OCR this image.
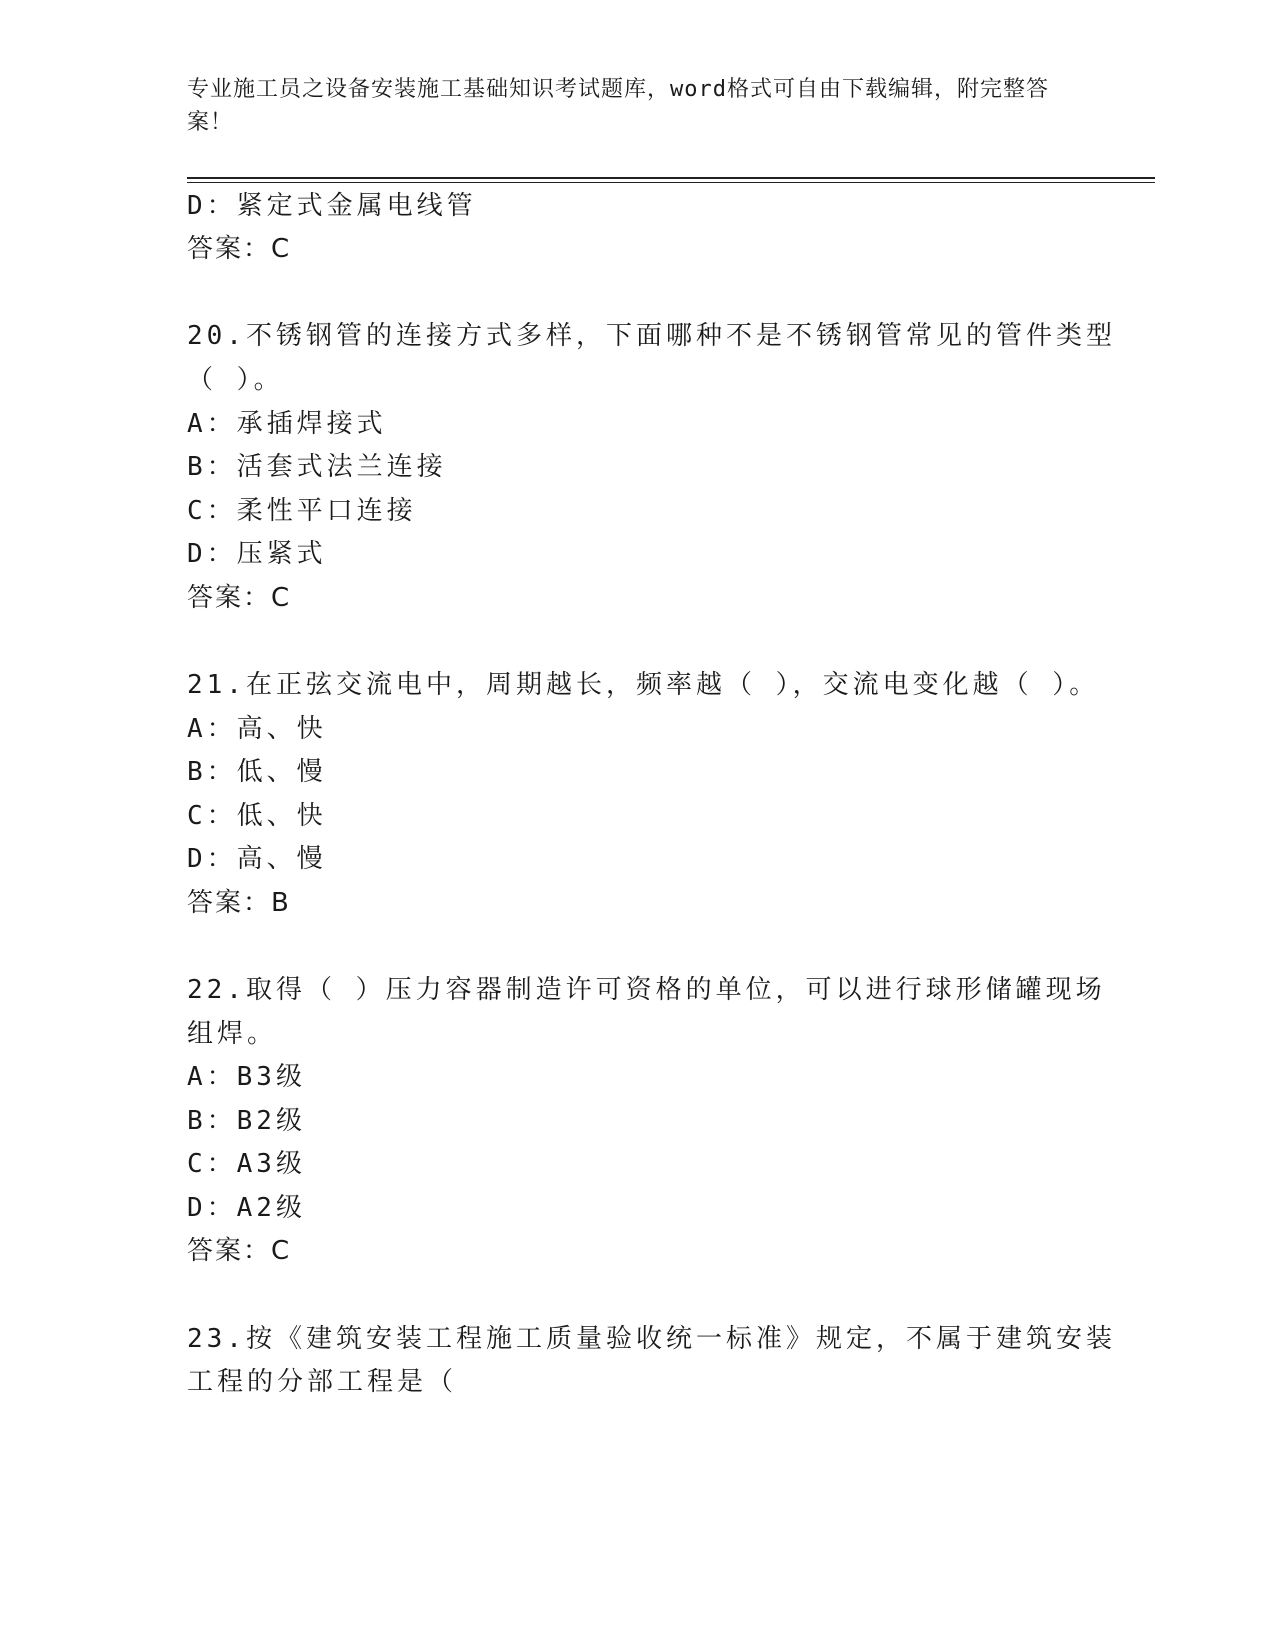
专业施工员之设备安装施工基础知识考试题库，word格式可自由下载编辑，附完整答案！
D：紧定式金属电线管
答案：C
20.不锈钢管的连接方式多样，下面哪种不是不锈钢管常见的管件类型
（ ）。
A：承插焊接式
B：活套式法兰连接
C：柔性平口连接
D：压紧式
答案：C
21.在正弦交流电中，周期越长，频率越（ ），交流电变化越（ ）。
A：高、快
B：低、慢
C：低、快
D：高、慢
答案：B
22.取得（ ）压力容器制造许可资格的单位，可以进行球形储罐现场
组焊。
A：B3级
B：B2级
C：A3级
D：A2级
答案：C
23.按《建筑安装工程施工质量验收统一标准》规定，不属于建筑安装
工程的分部工程是（
